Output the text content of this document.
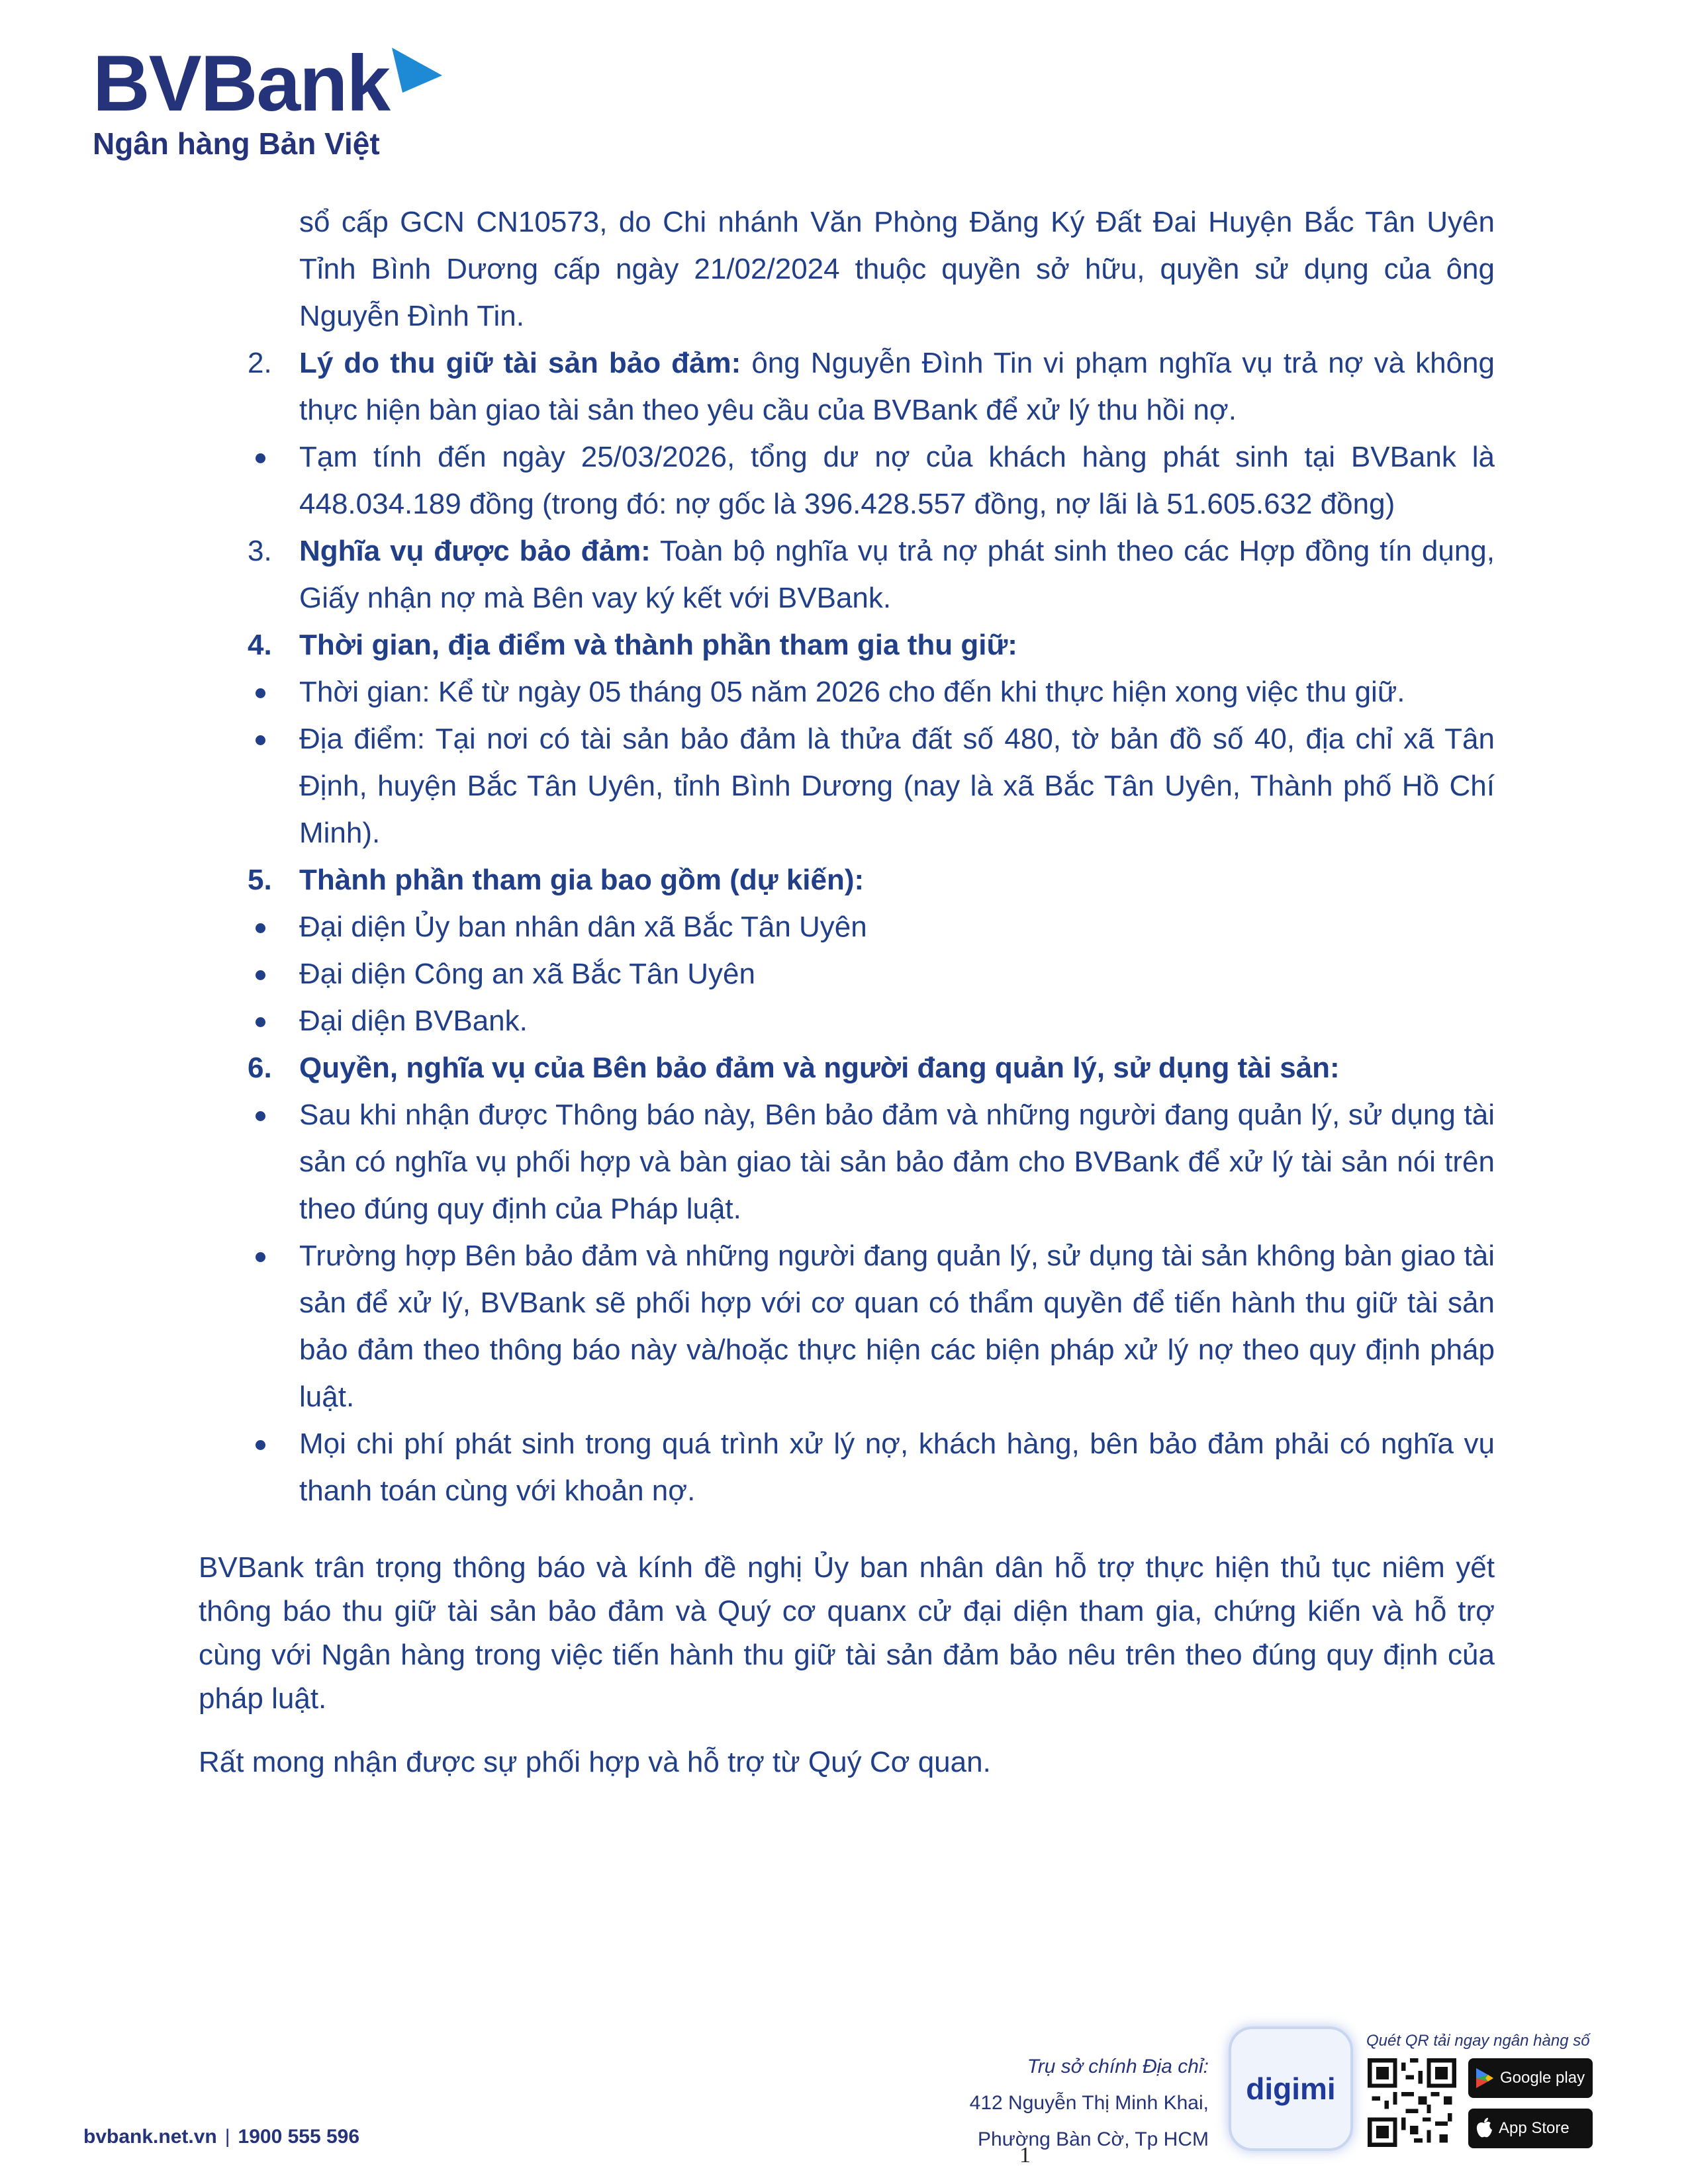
BVBank
Ngân hàng Bản Việt
sổ cấp GCN CN10573, do Chi nhánh Văn Phòng Đăng Ký Đất Đai Huyện Bắc Tân Uyên Tỉnh Bình Dương cấp ngày 21/02/2024 thuộc quyền sở hữu, quyền sử dụng của ông Nguyễn Đình Tin.
2. Lý do thu giữ tài sản bảo đảm: ông Nguyễn Đình Tin vi phạm nghĩa vụ trả nợ và không thực hiện bàn giao tài sản theo yêu cầu của BVBank để xử lý thu hồi nợ.
Tạm tính đến ngày 25/03/2026, tổng dư nợ của khách hàng phát sinh tại BVBank là 448.034.189 đồng (trong đó: nợ gốc là 396.428.557 đồng, nợ lãi là 51.605.632 đồng)
3. Nghĩa vụ được bảo đảm: Toàn bộ nghĩa vụ trả nợ phát sinh theo các Hợp đồng tín dụng, Giấy nhận nợ mà Bên vay ký kết với BVBank.
4. Thời gian, địa điểm và thành phần tham gia thu giữ:
Thời gian: Kể từ ngày 05 tháng 05 năm 2026 cho đến khi thực hiện xong việc thu giữ.
Địa điểm: Tại nơi có tài sản bảo đảm là thửa đất số 480, tờ bản đồ số 40, địa chỉ xã Tân Định, huyện Bắc Tân Uyên, tỉnh Bình Dương (nay là xã Bắc Tân Uyên, Thành phố Hồ Chí Minh).
5. Thành phần tham gia bao gồm (dự kiến):
Đại diện Ủy ban nhân dân xã Bắc Tân Uyên
Đại diện Công an xã Bắc Tân Uyên
Đại diện BVBank.
6. Quyền, nghĩa vụ của Bên bảo đảm và người đang quản lý, sử dụng tài sản:
Sau khi nhận được Thông báo này, Bên bảo đảm và những người đang quản lý, sử dụng tài sản có nghĩa vụ phối hợp và bàn giao tài sản bảo đảm cho BVBank để xử lý tài sản nói trên theo đúng quy định của Pháp luật.
Trường hợp Bên bảo đảm và những người đang quản lý, sử dụng tài sản không bàn giao tài sản để xử lý, BVBank sẽ phối hợp với cơ quan có thẩm quyền để tiến hành thu giữ tài sản bảo đảm theo thông báo này và/hoặc thực hiện các biện pháp xử lý nợ theo quy định pháp luật.
Mọi chi phí phát sinh trong quá trình xử lý nợ, khách hàng, bên bảo đảm phải có nghĩa vụ thanh toán cùng với khoản nợ.
BVBank trân trọng thông báo và kính đề nghị Ủy ban nhân dân hỗ trợ thực hiện thủ tục niêm yết thông báo thu giữ tài sản bảo đảm và Quý cơ quanx cử đại diện tham gia, chứng kiến và hỗ trợ cùng với Ngân hàng trong việc tiến hành thu giữ tài sản đảm bảo nêu trên theo đúng quy định của pháp luật.
Rất mong nhận được sự phối hợp và hỗ trợ từ Quý Cơ quan.
bvbank.net.vn | 1900 555 596
Trụ sở chính Địa chỉ:
412 Nguyễn Thị Minh Khai,
Phường Bàn Cờ, Tp HCM
digimi
Quét QR tải ngay ngân hàng số
Google play
App Store
1
